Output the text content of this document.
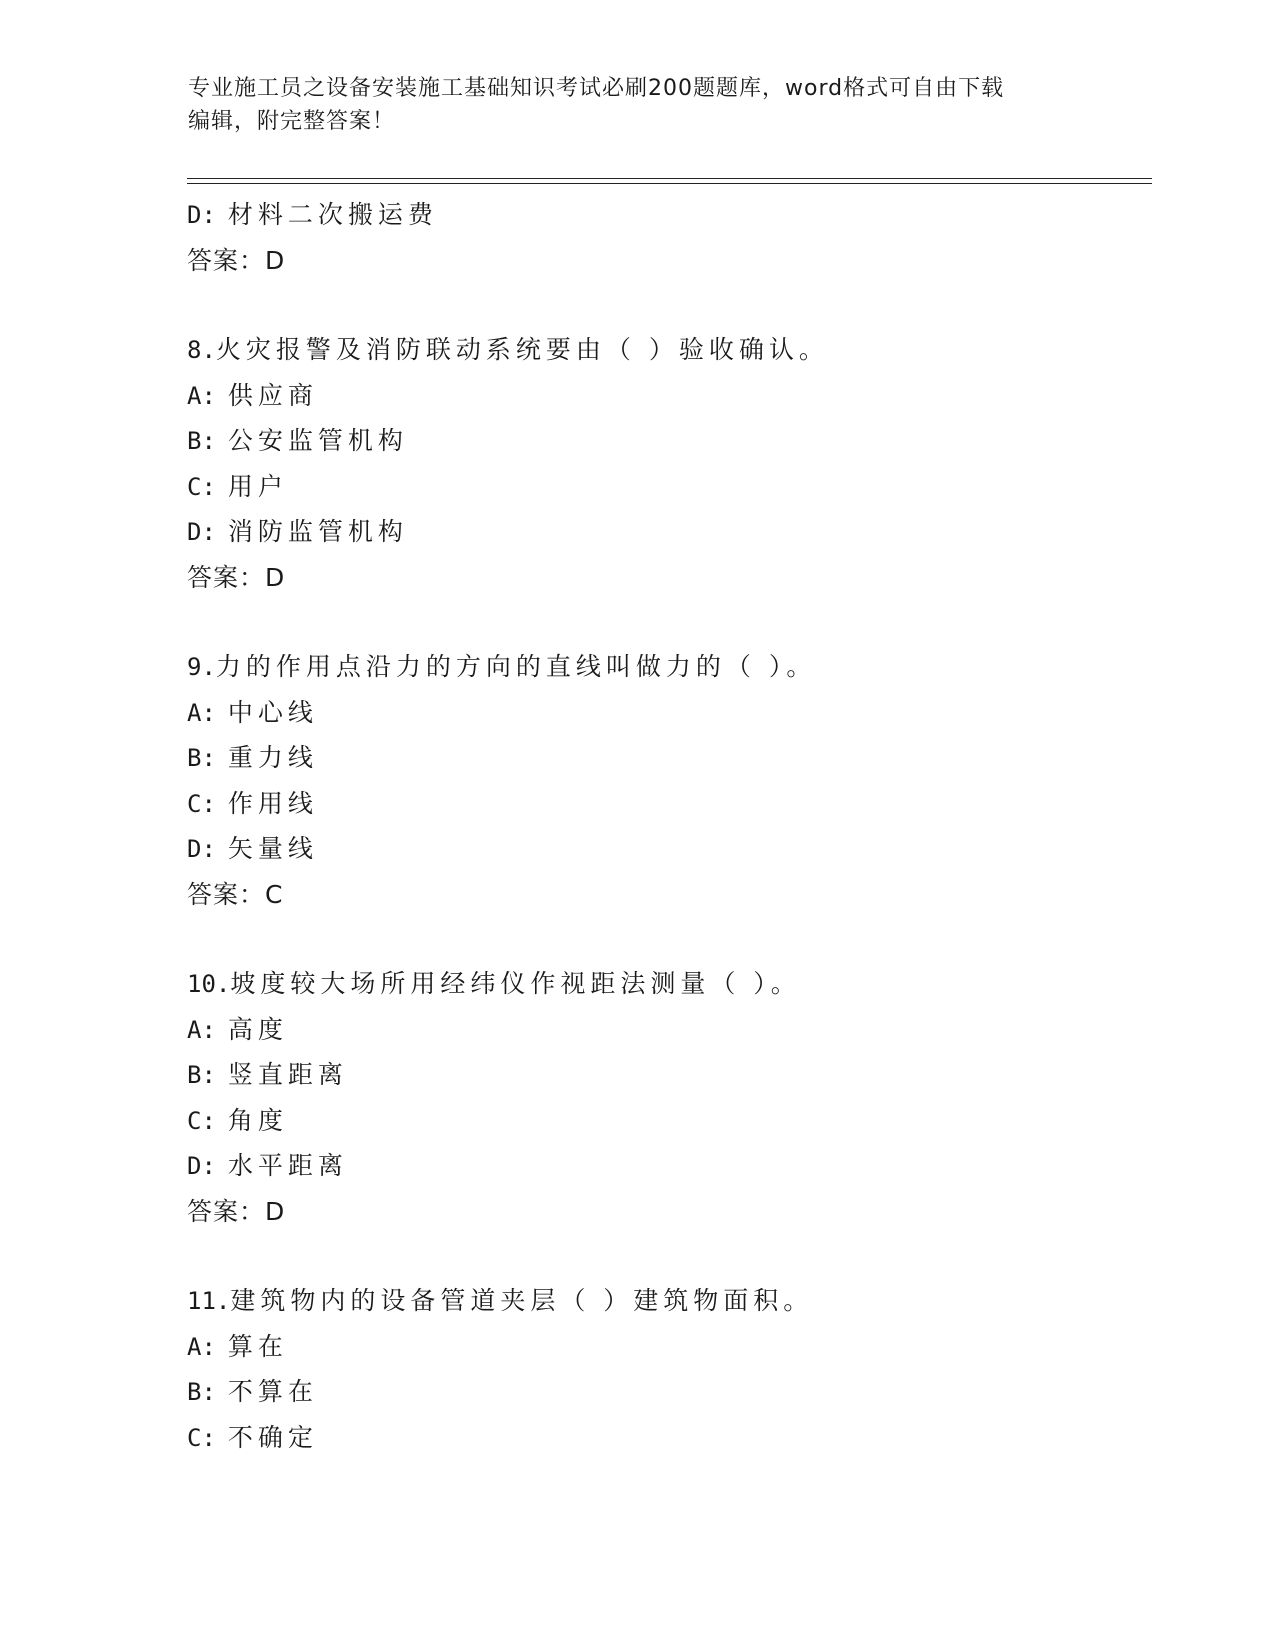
专业施工员之设备安装施工基础知识考试必刷200题题库，word格式可自由下载
编辑，附完整答案！
D: 材料二次搬运费
答案：D
8.火灾报警及消防联动系统要由（ ）验收确认。
A: 供应商
B: 公安监管机构
C: 用户
D: 消防监管机构
答案：D
9.力的作用点沿力的方向的直线叫做力的（ ）。
A: 中心线
B: 重力线
C: 作用线
D: 矢量线
答案：C
10.坡度较大场所用经纬仪作视距法测量（ ）。
A: 高度
B: 竖直距离
C: 角度
D: 水平距离
答案：D
11.建筑物内的设备管道夹层（ ）建筑物面积。
A: 算在
B: 不算在
C: 不确定
